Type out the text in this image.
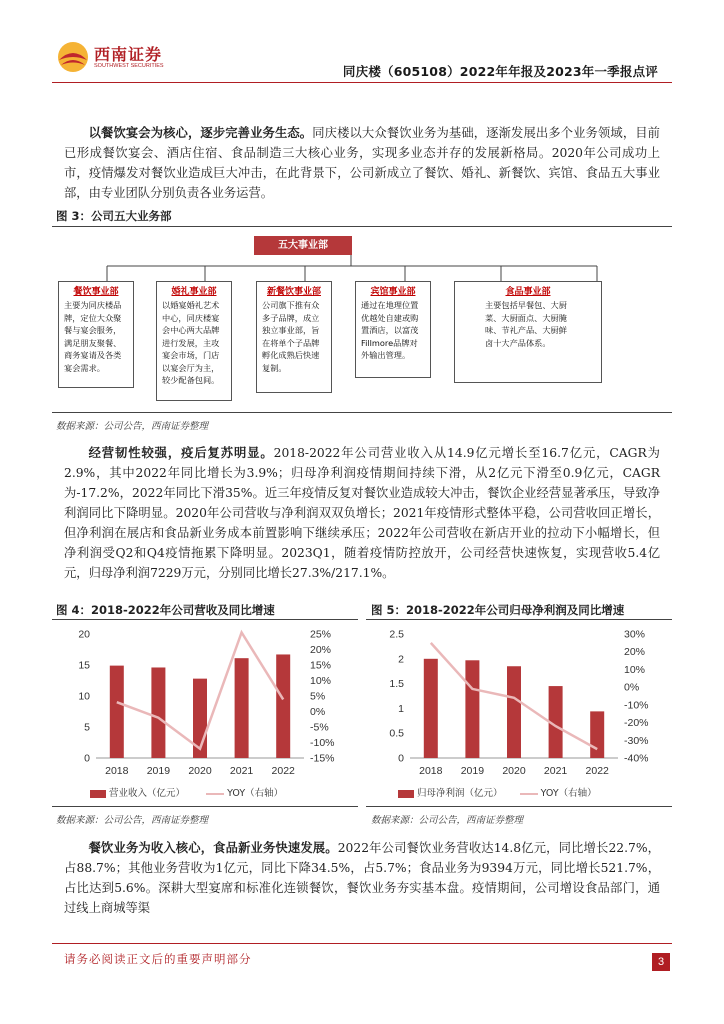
西南证券
SOUTHWEST SECURITIES	同庆楼（605108）2022年年报及2023年一季报点评

以餐饮宴会为核心，逐步完善业务生态。同庆楼以大众餐饮业务为基础，逐渐发展出多个业务领域，目前已形成餐饮宴会、酒店住宿、食品制造三大核心业务，实现多业态并存的发展新格局。2020年公司成功上市，疫情爆发对餐饮业造成巨大冲击，在此背景下，公司新成立了餐饮、婚礼、新餐饮、宾馆、食品五大事业部，由专业团队分别负责各业务运营。

图 3：公司五大业务部
五大事业部
餐饮事业部
主要为同庆楼品牌，定位大众聚餐与宴会服务，满足朋友聚餐、商务宴请及各类宴会需求。
婚礼事业部
以婚宴婚礼艺术中心，同庆楼宴会中心两大品牌进行发展，主攻宴会市场，门店以宴会厅为主，较少配备包间。
新餐饮事业部
公司旗下推有众多子品牌，成立独立事业部，旨在将单个子品牌孵化成熟后快速复制。
宾馆事业部
通过在地理位置优越处自建或购置酒店，以富茂Fillmore品牌对外输出管理。
食品事业部
主要包括早餐包、大厨菜、大厨面点、大厨腌味、节礼产品、大厨鲜卤十大产品体系。
数据来源：公司公告，西南证券整理

经营韧性较强，疫后复苏明显。2018-2022年公司营业收入从14.9亿元增长至16.7亿元，CAGR为2.9%，其中2022年同比增长为3.9%；归母净利润疫情期间持续下滑，从2亿元下滑至0.9亿元，CAGR为-17.2%，2022年同比下滑35%。近三年疫情反复对餐饮业造成较大冲击，餐饮企业经营显著承压，导致净利润同比下降明显。2020年公司营收与净利润双双负增长；2021年疫情形式整体平稳，公司营收回正增长，但净利润在展店和食品新业务成本前置影响下继续承压；2022年公司营收在新店开业的拉动下小幅增长，但净利润受Q2和Q4疫情拖累下降明显。2023Q1，随着疫情防控放开，公司经营快速恢复，实现营收5.4亿元，归母净利润7229万元，分别同比增长27.3%/217.1%。

图 4：2018-2022年公司营收及同比增速	图 5：2018-2022年公司归母净利润及同比增速
0
5
10
15
20
-15%
-10%
-5%
0%
5%
10%
15%
20%
25%
2018 2019 2020 2021 2022
0
0.5
1
1.5
2
2.5
-40%
-30%
-20%
-10%
0%
10%
20%
30%
2018 2019 2020 2021 2022
营业收入（亿元）	YOY（右轴）	归母净利润（亿元）	YOY（右轴）
数据来源：公司公告，西南证券整理	数据来源：公司公告，西南证券整理

餐饮业务为收入核心，食品新业务快速发展。2022年公司餐饮业务营收达14.8亿元，同比增长22.7%，占88.7%；其他业务营收为1亿元，同比下降34.5%，占5.7%；食品业务为9394万元，同比增长521.7%，占比达到5.6%。深耕大型宴席和标准化连锁餐饮，餐饮业务夯实基本盘。疫情期间，公司增设食品部门，通过线上商城等渠

请务必阅读正文后的重要声明部分	3
